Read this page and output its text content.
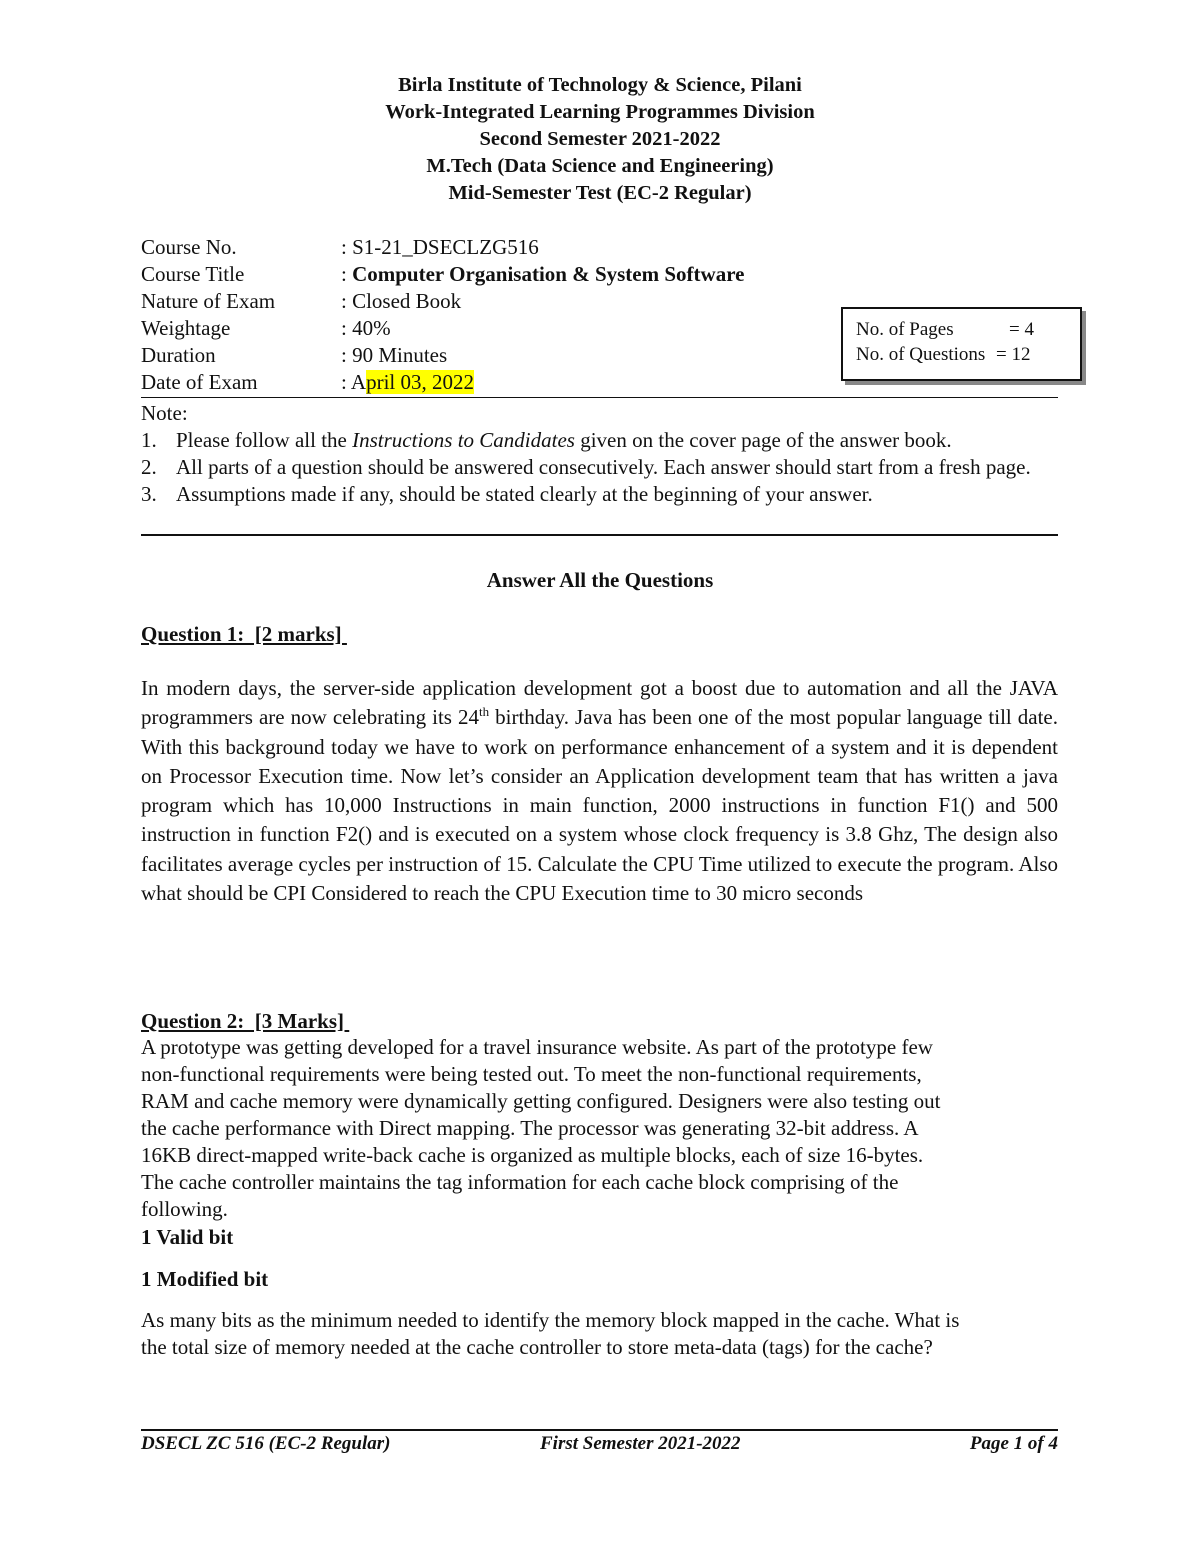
Birla Institute of Technology & Science, Pilani
Work-Integrated Learning Programmes Division
Second Semester 2021-2022
M.Tech (Data Science and Engineering)
Mid-Semester Test (EC-2 Regular)
Course No.	: S1-21_DSECLZG516
Course Title	: Computer Organisation & System Software
Nature of Exam	: Closed Book
Weightage	: 40%
Duration	: 90 Minutes
Date of Exam	: April 03, 2022
No. of Pages	= 4
No. of Questions = 12
Note:
1. Please follow all the Instructions to Candidates given on the cover page of the answer book.
2. All parts of a question should be answered consecutively. Each answer should start from a fresh page.
3. Assumptions made if any, should be stated clearly at the beginning of your answer.
Answer All the Questions
Question 1:  [2 marks]
In modern days, the server-side application development got a boost due to automation and all the JAVA programmers are now celebrating its 24th birthday. Java has been one of the most popular language till date. With this background today we have to work on performance enhancement of a system and it is dependent on Processor Execution time. Now let’s consider an Application development team that has written a java program which has 10,000 Instructions in main function, 2000 instructions in function F1() and 500 instruction in function F2() and is executed on a system whose clock frequency is 3.8 Ghz, The design also facilitates average cycles per instruction of 15. Calculate the CPU Time utilized to execute the program. Also what should be CPI Considered to reach the CPU Execution time to 30 micro seconds
Question 2:  [3 Marks]
A prototype was getting developed for a travel insurance website. As part of the prototype few
non-functional requirements were being tested out. To meet the non-functional requirements,
RAM and cache memory were dynamically getting configured. Designers were also testing out
the cache performance with Direct mapping. The processor was generating 32-bit address. A
16KB direct-mapped write-back cache is organized as multiple blocks, each of size 16-bytes.
The cache controller maintains the tag information for each cache block comprising of the
following.
1 Valid bit
1 Modified bit
As many bits as the minimum needed to identify the memory block mapped in the cache. What is
the total size of memory needed at the cache controller to store meta-data (tags) for the cache?
DSECL ZC 516 (EC-2 Regular)	First Semester 2021-2022	Page 1 of 4
